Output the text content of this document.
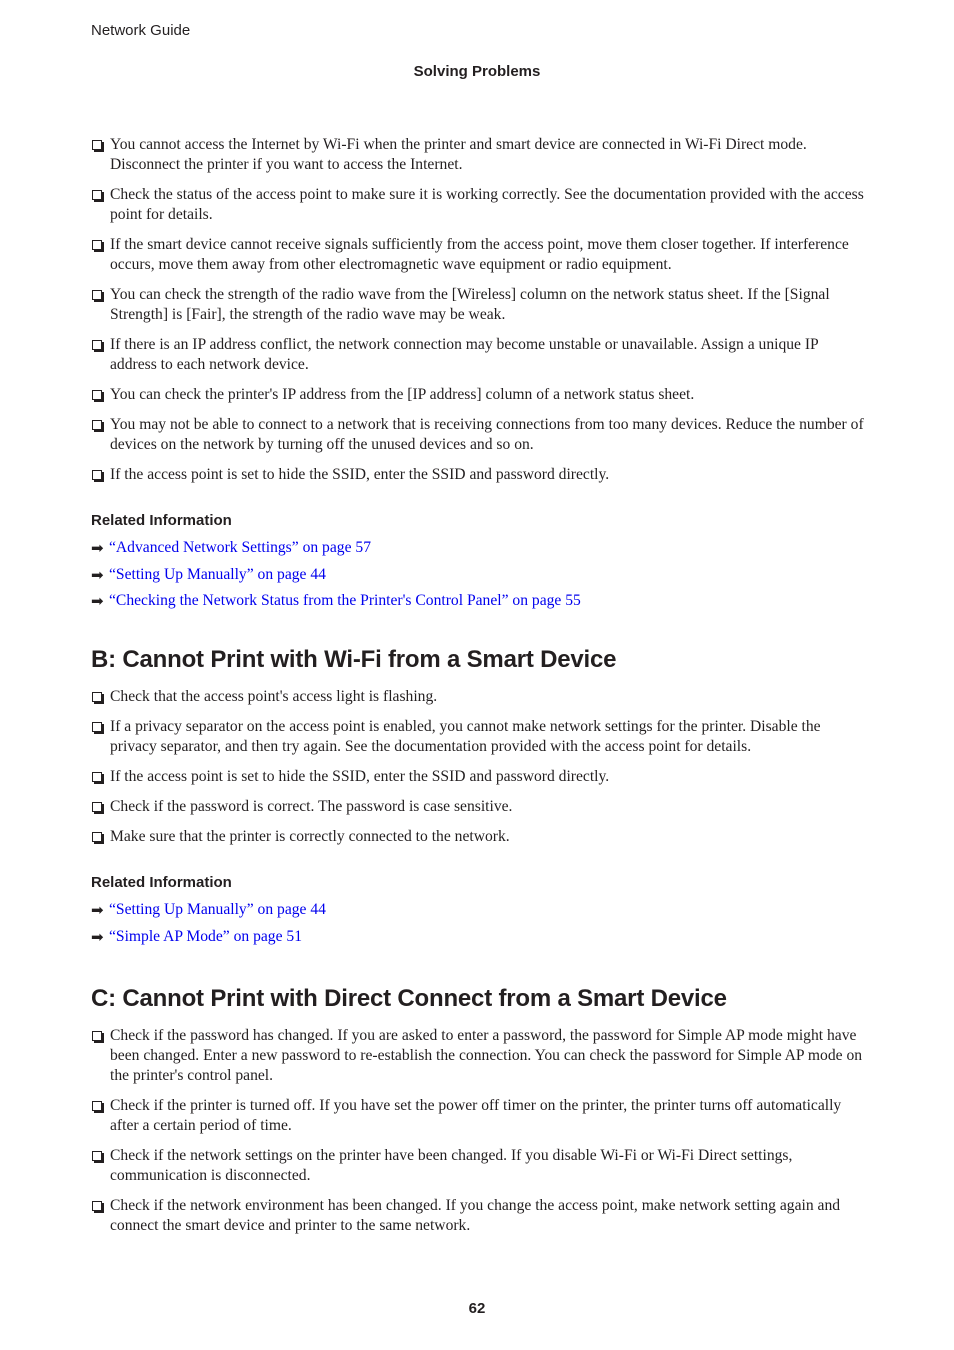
Network Guide
Solving Problems
You cannot access the Internet by Wi-Fi when the printer and smart device are connected in Wi-Fi Direct mode. Disconnect the printer if you want to access the Internet.
Check the status of the access point to make sure it is working correctly. See the documentation provided with the access point for details.
If the smart device cannot receive signals sufficiently from the access point, move them closer together. If interference occurs, move them away from other electromagnetic wave equipment or radio equipment.
You can check the strength of the radio wave from the [Wireless] column on the network status sheet. If the [Signal Strength] is [Fair], the strength of the radio wave may be weak.
If there is an IP address conflict, the network connection may become unstable or unavailable. Assign a unique IP address to each network device.
You can check the printer's IP address from the [IP address] column of a network status sheet.
You may not be able to connect to a network that is receiving connections from too many devices. Reduce the number of devices on the network by turning off the unused devices and so on.
If the access point is set to hide the SSID, enter the SSID and password directly.
Related Information
➡ “Advanced Network Settings” on page 57
➡ “Setting Up Manually” on page 44
➡ “Checking the Network Status from the Printer's Control Panel” on page 55
B: Cannot Print with Wi-Fi from a Smart Device
Check that the access point's access light is flashing.
If a privacy separator on the access point is enabled, you cannot make network settings for the printer. Disable the privacy separator, and then try again. See the documentation provided with the access point for details.
If the access point is set to hide the SSID, enter the SSID and password directly.
Check if the password is correct. The password is case sensitive.
Make sure that the printer is correctly connected to the network.
Related Information
➡ “Setting Up Manually” on page 44
➡ “Simple AP Mode” on page 51
C: Cannot Print with Direct Connect from a Smart Device
Check if the password has changed. If you are asked to enter a password, the password for Simple AP mode might have been changed. Enter a new password to re-establish the connection. You can check the password for Simple AP mode on the printer's control panel.
Check if the printer is turned off. If you have set the power off timer on the printer, the printer turns off automatically after a certain period of time.
Check if the network settings on the printer have been changed. If you disable Wi-Fi or Wi-Fi Direct settings, communication is disconnected.
Check if the network environment has been changed. If you change the access point, make network setting again and connect the smart device and printer to the same network.
62
